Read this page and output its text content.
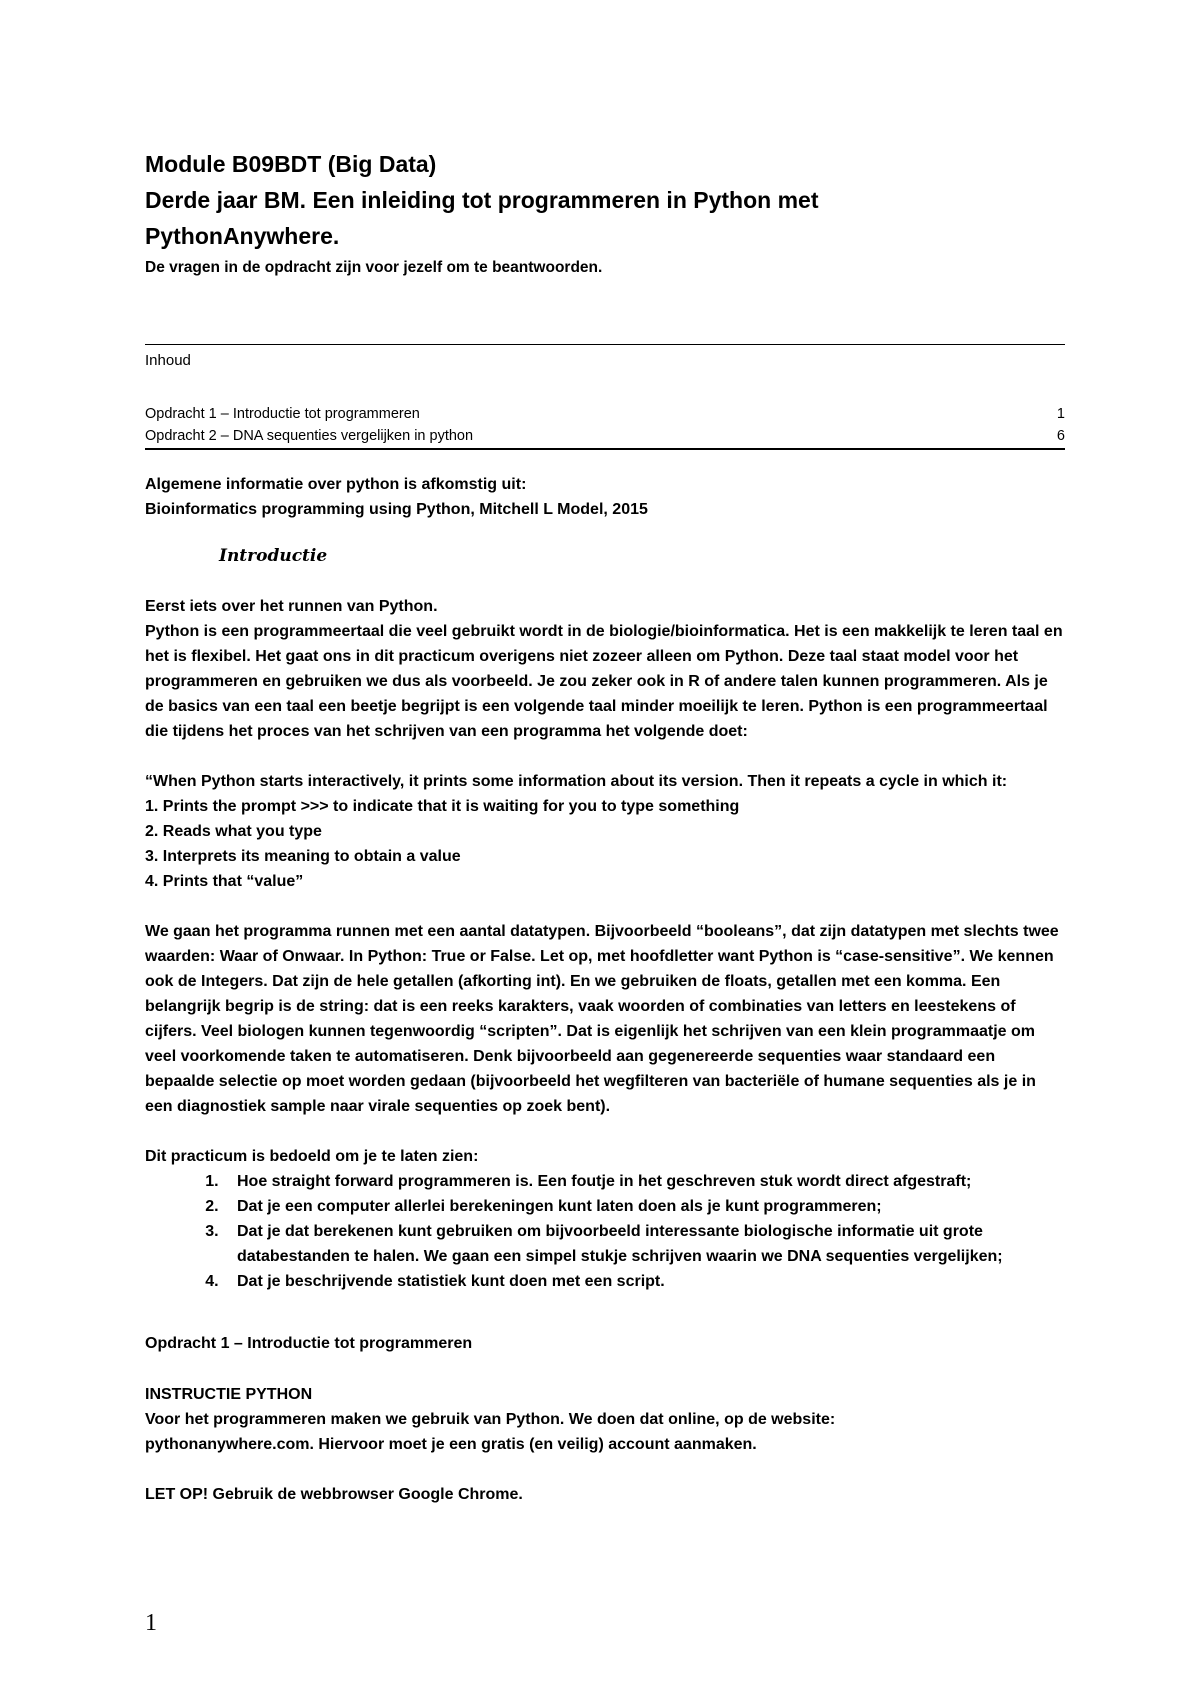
Module B09BDT (Big Data)
Derde jaar BM. Een inleiding tot programmeren in Python met
PythonAnywhere.

De vragen in de opdracht zijn voor jezelf om te beantwoorden.

Inhoud
Opdracht 1 – Introductie tot programmeren	1
Opdracht 2 – DNA sequenties vergelijken in python	6

Algemene informatie over python is afkomstig uit:

Bioinformatics programming using Python, Mitchell L Model, 2015

Introductie

Eerst iets over het runnen van Python.

Python is een programmeertaal die veel gebruikt wordt in de biologie/bioinformatica. Het is een makkelijk te leren taal en het is flexibel. Het gaat ons in dit practicum overigens niet zozeer alleen om Python. Deze taal staat model voor het programmeren en gebruiken we dus als voorbeeld. Je zou zeker ook in R of andere talen kunnen programmeren. Als je de basics van een taal een beetje begrijpt is een volgende taal minder moeilijk te leren. Python is een programmeertaal die tijdens het proces van het schrijven van een programma het volgende doet:

“When Python starts interactively, it prints some information about its version. Then it repeats a cycle in which it:

1. Prints the prompt >>> to indicate that it is waiting for you to type something

2. Reads what you type

3. Interprets its meaning to obtain a value

4. Prints that “value”

We gaan het programma runnen met een aantal datatypen. Bijvoorbeeld “booleans”, dat zijn datatypen met slechts twee waarden: Waar of Onwaar. In Python: True or False. Let op, met hoofdletter want Python is “case-sensitive”. We kennen ook de Integers. Dat zijn de hele getallen (afkorting int). En we gebruiken de floats, getallen met een komma. Een belangrijk begrip is de string: dat is een reeks karakters, vaak woorden of combinaties van letters en leestekens of cijfers. Veel biologen kunnen tegenwoordig “scripten”. Dat is eigenlijk het schrijven van een klein programmaatje om veel voorkomende taken te automatiseren. Denk bijvoorbeeld aan gegenereerde sequenties waar standaard een bepaalde selectie op moet worden gedaan (bijvoorbeeld het wegfilteren van bacteriële of humane sequenties als je in een diagnostiek sample naar virale sequenties op zoek bent).

Dit practicum is bedoeld om je te laten zien:

1. Hoe straight forward programmeren is. Een foutje in het geschreven stuk wordt direct afgestraft;
2. Dat je een computer allerlei berekeningen kunt laten doen als je kunt programmeren;
3. Dat je dat berekenen kunt gebruiken om bijvoorbeeld interessante biologische informatie uit grote databestanden te halen. We gaan een simpel stukje schrijven waarin we DNA sequenties vergelijken;
4. Dat je beschrijvende statistiek kunt doen met een script.
Opdracht 1 – Introductie tot programmeren

INSTRUCTIE PYTHON

Voor het programmeren maken we gebruik van Python. We doen dat online, op de website:

pythonanywhere.com. Hiervoor moet je een gratis (en veilig) account aanmaken.

LET OP! Gebruik de webbrowser Google Chrome.

1
